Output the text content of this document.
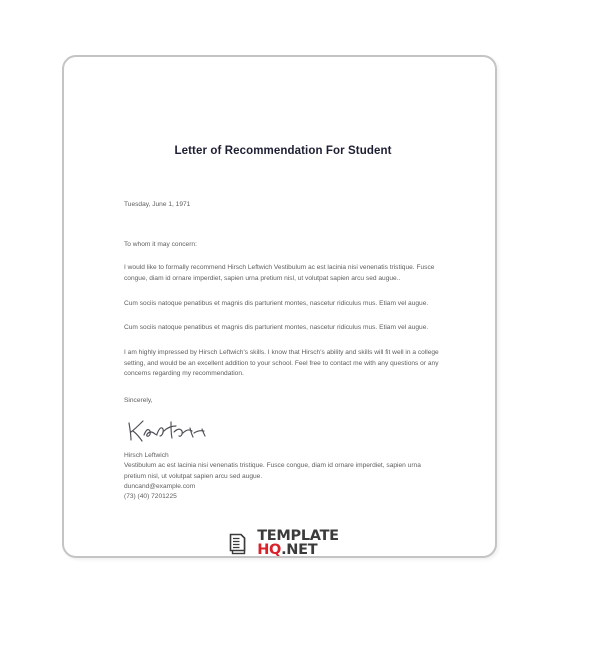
Letter of Recommendation For Student
Tuesday, June 1, 1971
To whom it may concern:

I would like to formally recommend Hirsch Leftwich Vestibulum ac est lacinia nisi venenatis tristique. Fusce congue, diam id ornare imperdiet, sapien urna pretium nisl, ut volutpat sapien arcu sed augue..

Cum sociis natoque penatibus et magnis dis parturient montes, nascetur ridiculus mus. Etiam vel augue.

Cum sociis natoque penatibus et magnis dis parturient montes, nascetur ridiculus mus. Etiam vel augue.

I am highly impressed by Hirsch Leftwich's skills. I know that Hirsch's ability and skills will fit well in a college setting, and would be an excellent addition to your school. Feel free to contact me with any questions or any concerns regarding my recommendation.

Sincerely,
Hirsch Leftwich
Vestibulum ac est lacinia nisi venenatis tristique. Fusce congue, diam id ornare imperdiet, sapien urna pretium nisl, ut volutpat sapien arcu sed augue.
duncand@example.com
(73) (40) 7201225
TEMPLATE
HQ .NET
